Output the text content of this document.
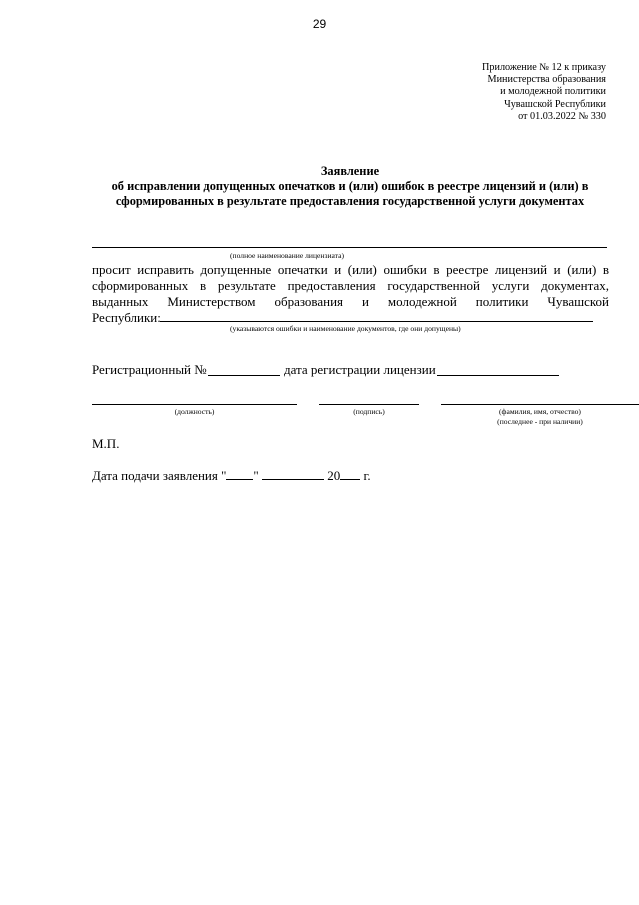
29
Приложение № 12 к приказу
Министерства образования
и молодежной политики
Чувашской Республики
от 01.03.2022 № 330
Заявление
об исправлении допущенных опечатков и (или) ошибок в реестре лицензий и (или) в
сформированных в результате предоставления государственной услуги документах
(полное наименование лицензиата)
просит исправить допущенные опечатки и (или) ошибки в реестре лицензий и (или) в
сформированных в результате предоставления государственной услуги документах,
выданных Министерством образования и молодежной политики Чувашской
Республики:
(указываются ошибки и наименование документов, где они допущены)
Регистрационный №	дата регистрации лицензии
(должность)	(подпись)	(фамилия, имя, отчество)
(последнее - при наличии)
М.П.
Дата подачи заявления " "	20 г.
